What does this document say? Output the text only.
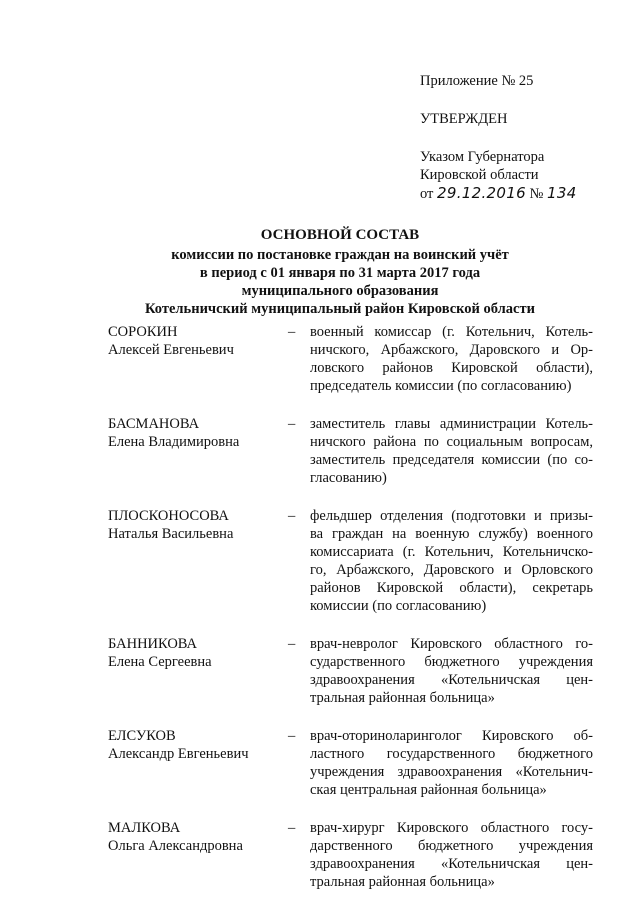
Приложение № 25
УТВЕРЖДЕН
Указом Губернатора
Кировской области
от 29.12.2016 № 134
ОСНОВНОЙ СОСТАВ
комиссии по постановке граждан на воинский учёт
в период с 01 января по 31 марта 2017 года
муниципального образования
Котельничский муниципальный район Кировской области
СОРОКИН
Алексей Евгеньевич
–	военный комиссар (г. Котельнич, Котель-
ничского, Арбажского, Даровского и Ор-
ловского районов Кировской области),
председатель комиссии (по согласованию)
БАСМАНОВА
Елена Владимировна
–	заместитель главы администрации Котель-
ничского района по социальным вопросам,
заместитель председателя комиссии (по со-
гласованию)
ПЛОСКОНОСОВА
Наталья Васильевна
–	фельдшер отделения (подготовки и призы-
ва граждан на военную службу) военного
комиссариата (г. Котельнич, Котельничско-
го, Арбажского, Даровского и Орловского
районов Кировской области), секретарь
комиссии (по согласованию)
БАННИКОВА
Елена Сергеевна
–	врач-невролог Кировского областного го-
сударственного бюджетного учреждения
здравоохранения «Котельничская цен-
тральная районная больница»
ЕЛСУКОВ
Александр Евгеньевич
–	врач-оториноларинголог Кировского об-
ластного государственного бюджетного
учреждения здравоохранения «Котельнич-
ская центральная районная больница»
МАЛКОВА
Ольга Александровна
–	врач-хирург Кировского областного госу-
дарственного бюджетного учреждения
здравоохранения «Котельничская цен-
тральная районная больница»
